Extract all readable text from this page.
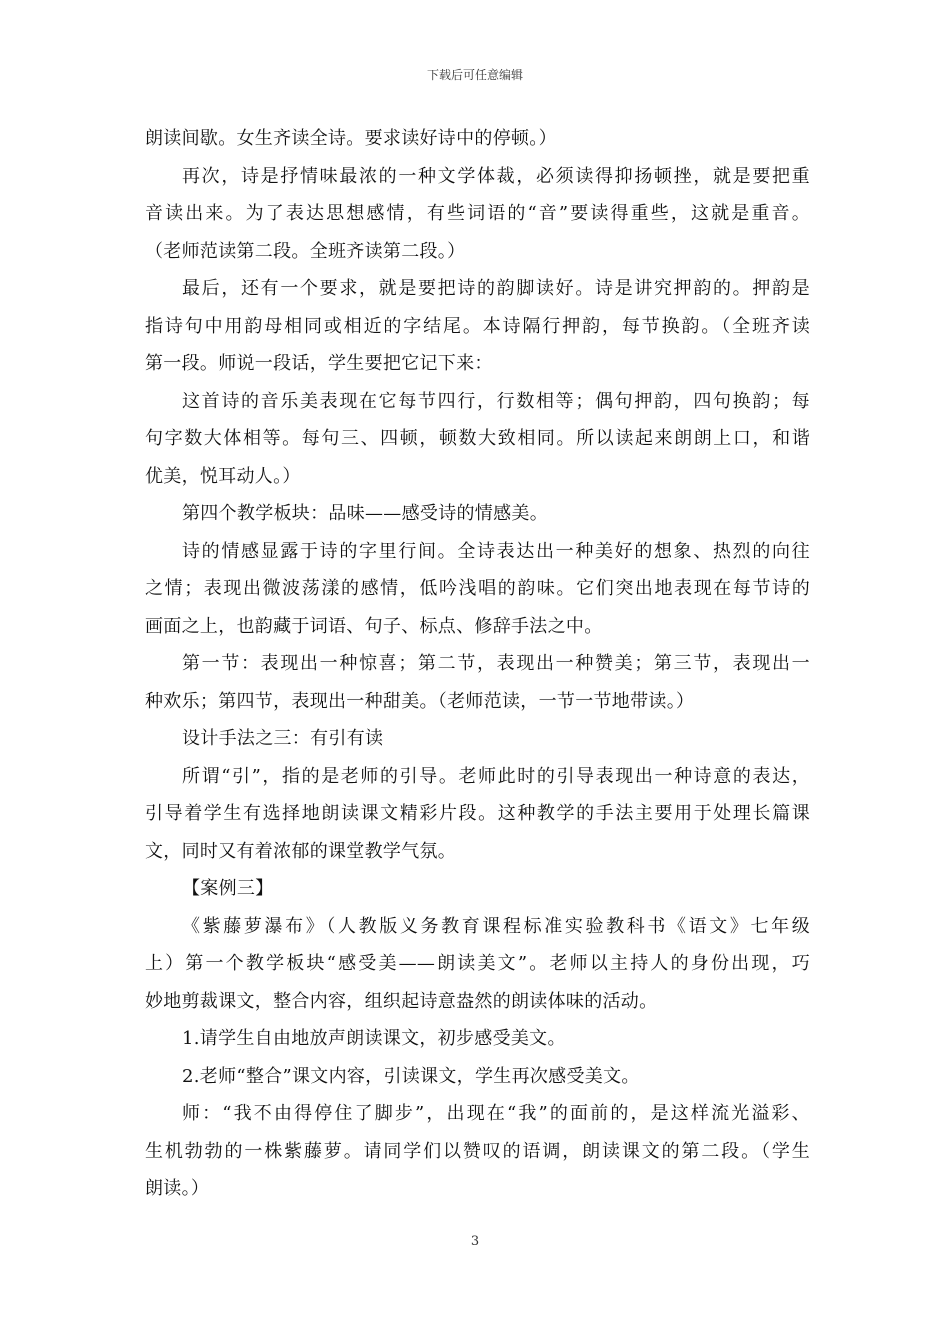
下载后可任意编辑
朗读间歇。女生齐读全诗。要求读好诗中的停顿。）
再次，诗是抒情味最浓的一种文学体裁，必须读得抑扬顿挫，就是要把重
音读出来。为了表达思想感情，有些词语的“音”要读得重些，这就是重音。
（老师范读第二段。全班齐读第二段。）
最后，还有一个要求，就是要把诗的韵脚读好。诗是讲究押韵的。押韵是
指诗句中用韵母相同或相近的字结尾。本诗隔行押韵，每节换韵。（全班齐读
第一段。师说一段话，学生要把它记下来：
这首诗的音乐美表现在它每节四行，行数相等；偶句押韵，四句换韵；每
句字数大体相等。每句三、四顿，顿数大致相同。所以读起来朗朗上口，和谐
优美，悦耳动人。）
第四个教学板块：品味——感受诗的情感美。
诗的情感显露于诗的字里行间。全诗表达出一种美好的想象、热烈的向往
之情；表现出微波荡漾的感情，低吟浅唱的韵味。它们突出地表现在每节诗的
画面之上，也韵藏于词语、句子、标点、修辞手法之中。
第一节：表现出一种惊喜；第二节，表现出一种赞美；第三节，表现出一
种欢乐；第四节，表现出一种甜美。（老师范读，一节一节地带读。）
设计手法之三：有引有读
所谓“引”，指的是老师的引导。老师此时的引导表现出一种诗意的表达，
引导着学生有选择地朗读课文精彩片段。这种教学的手法主要用于处理长篇课
文，同时又有着浓郁的课堂教学气氛。
【案例三】
《紫藤萝瀑布》（人教版义务教育课程标准实验教科书《语文》七年级
上）第一个教学板块“感受美——朗读美文”。老师以主持人的身份出现，巧
妙地剪裁课文，整合内容，组织起诗意盎然的朗读体味的活动。
1.请学生自由地放声朗读课文，初步感受美文。
2.老师“整合”课文内容，引读课文，学生再次感受美文。
师：“我不由得停住了脚步”，出现在“我”的面前的，是这样流光溢彩、
生机勃勃的一株紫藤萝。请同学们以赞叹的语调，朗读课文的第二段。（学生
朗读。）
3
